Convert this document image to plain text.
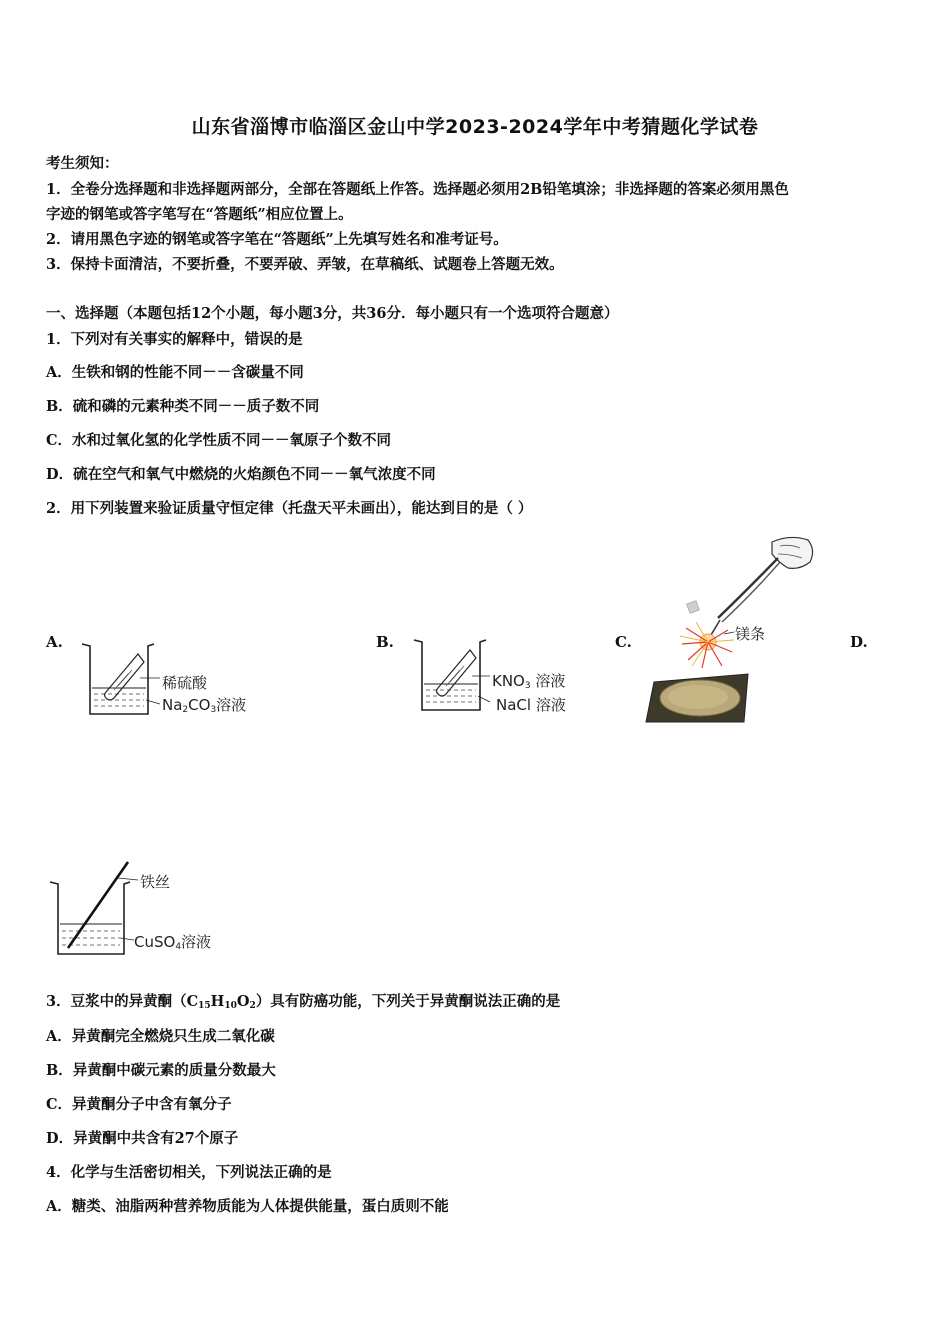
山东省淄博市临淄区金山中学2023-2024学年中考猜题化学试卷
考生须知：
1．全卷分选择题和非选择题两部分，全部在答题纸上作答。选择题必须用2B铅笔填涂；非选择题的答案必须用黑色
字迹的钢笔或答字笔写在“答题纸”相应位置上。
2．请用黑色字迹的钢笔或答字笔在“答题纸”上先填写姓名和准考证号。
3．保持卡面清洁，不要折叠，不要弄破、弄皱，在草稿纸、试题卷上答题无效。
一、选择题（本题包括12个小题，每小题3分，共36分．每小题只有一个选项符合题意）
1．下列对有关事实的解释中，错误的是
A．生铁和钢的性能不同－－含碳量不同
B．硫和磷的元素种类不同－－质子数不同
C．水和过氧化氢的化学性质不同－－氧原子个数不同
D．硫在空气和氧气中燃烧的火焰颜色不同－－氧气浓度不同
2．用下列装置来验证质量守恒定律（托盘天平未画出），能达到目的是（ ）
A.	B.	C.	D.
稀硫酸
$Na_2CO_3$溶液
$KNO_3$ 溶液
NaCl 溶液
镁条
铁丝
CuSO$_4$溶液
3．豆浆中的异黄酮$(C_{15}H_{10}O_2)$具有防癌功能，下列关于异黄酮说法正确的是
A．异黄酮完全燃烧只生成二氧化碳
B．异黄酮中碳元素的质量分数最大
C．异黄酮分子中含有氧分子
D．异黄酮中共含有27个原子
4．化学与生活密切相关，下列说法正确的是
A．糖类、油脂两种营养物质能为人体提供能量，蛋白质则不能
